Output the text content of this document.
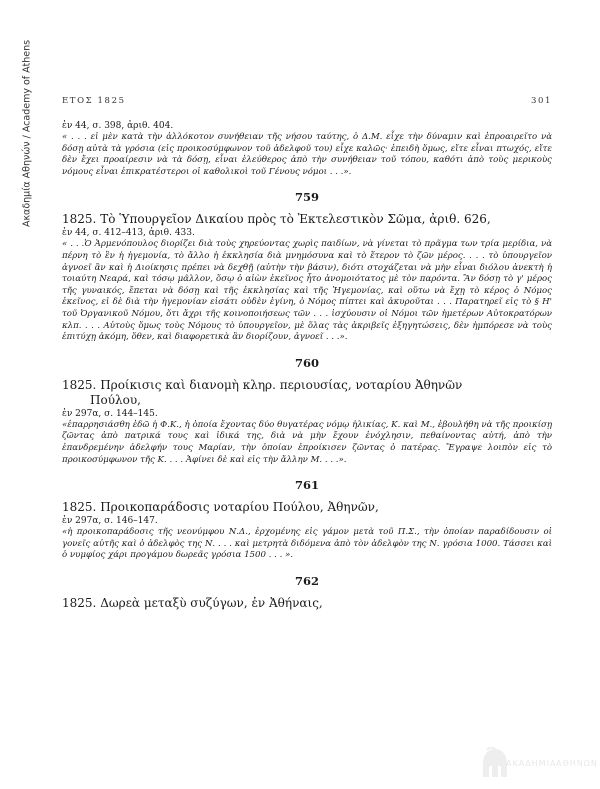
Ακαδημία Αθηνών / Academy of Athens	ΕΤΟΣ 1825	301
ἐν 44, σ. 398, ἀριθ. 404.
« . . . εἰ μὲν κατὰ τὴν ἀλλόκοτον συνήθειαν τῆς νήσου ταύτης, ὁ Δ.Μ. εἶχε τὴν δύναμιν καὶ ἐπροαιρεῖτο νὰ δόσῃ αὐτὰ τὰ γρόσια (εἰς προικοσύμφωνον τοῦ ἀδελφοῦ του) εἶχε καλῶς· ἐπειδὴ ὅμως, εἴτε εἶναι πτωχός, εἴτε δὲν ἔχει προαίρεσιν νὰ τὰ δόσῃ, εἶναι ἐλεύθερος ἀπὸ τὴν συνήθειαν τοῦ τόπου, καθότι ἀπὸ τοὺς μερικοὺς νόμους εἶναι ἐπικρατέστεροι οἱ καθολικοὶ τοῦ Γένους νόμοι . . .».
759
1825. Τὸ Ὑπουργεῖον Δικαίου πρὸς τὸ Ἐκτελεστικὸν Σῶμα, ἀριθ. 626,
ἐν 44, σ. 412–413, ἀριθ. 433.
« . . .Ὁ Ἀρμενόπουλος διορίζει διὰ τοὺς χηρεύοντας χωρὶς παιδίων, νὰ γίνεται τὸ πρᾶγμα των τρία μερίδια, νὰ πέρνη τὸ ἓν ἡ ἡγεμονία, τὸ ἄλλο ἡ ἐκκλησία διὰ μνημόσυνα καὶ τὸ ἕτερον τὸ ζῶν μέρος. . . . τὸ ὑπουργεῖον ἀγνοεῖ ἂν καὶ ἡ Διοίκησις πρέπει νὰ δεχθῇ (αὐτὴν τὴν βάσιν), διότι στοχάζεται νὰ μὴν εἶναι διόλου ἀνεκτὴ ἡ τοιαύτη Νεαρά, καὶ τόσῳ μᾶλλον, ὅσῳ ὁ αἰὼν ἐκεῖνος ἦτο ἀνομοιότατος μὲ τὸν παρόντα. Ἂν δόσῃ τὸ γ' μέρος τῆς γυναικός, ἔπεται νὰ δόσῃ καὶ τῆς ἐκκλησίας καὶ τῆς Ἡγεμονίας, καὶ οὕτω νὰ ἔχῃ τὸ κέρος ὁ Νόμος ἐκεῖνος, εἰ δὲ διὰ τὴν ἡγεμονίαν εἰσάτι οὐδὲν ἐγίνη, ὁ Νόμος πίπτει καὶ ἀκυροῦται . . . Παρατηρεῖ εἰς τὸ § Η' τοῦ Ὀργανικοῦ Νόμου, ὅτι ἄχρι τῆς κοινοποιήσεως τῶν . . . ἰσχύουσιν οἱ Νόμοι τῶν ἡμετέρων Αὐτοκρατόρων κλπ. . . . Αὐτοὺς ὅμως τοὺς Νόμους τὸ ὑπουργεῖον, μὲ ὅλας τὰς ἀκριβεῖς ἐξηγητώσεις, δὲν ἠμπόρεσε νὰ τοὺς ἐπιτύχῃ ἀκόμη, ὅθεν, καὶ διαφορετικὰ ἂν διορίζουν, ἀγνοεῖ . . .».
760
1825. Προίκισις καὶ διανομὴ κληρ. περιουσίας, νοταρίου Ἀθηνῶν
Πούλου,
ἐν 297α, σ. 144–145.
«ἐπαρρησιάσθη ἐδῶ ἡ Φ.Κ., ἡ ὁποία ἔχοντας δύο θυγατέρας νόμῳ ἡλικίας, Κ. καὶ Μ., ἐβουλήθη νὰ τῆς προικίσῃ ζῶντας ἀπὸ πατρικά τους καὶ ἰδικά της, διὰ νὰ μὴν ἔχουν ἐνόχλησιν, πεθαίνοντας αὐτή, ἀπὸ τὴν ἐπανδρεμένην ἀδελφήν τους Μαρίαν, τὴν ὁποίαν ἐπροίκισεν ζῶντας ὁ πατέρας. Ἔγραψε λοιπὸν εἰς τὸ προικοσύμφωνον τῆς Κ. . . . Ἀφίνει δὲ καὶ εἰς τὴν ἄλλην Μ. . . .».
761
1825. Προικοπαράδοσις νοταρίου Πούλου, Ἀθηνῶν,
ἐν 297α, σ. 146–147.
«ἡ προικοπαράδοσις τῆς νεονύμφου Ν.Δ., ἐρχομένης εἰς γάμον μετὰ τοῦ Π.Σ., τὴν ὁποίαν παραδίδουσιν οἱ γονεῖς αὐτῆς καὶ ὁ ἀδελφὸς της Ν. . . . καὶ μετρητὰ διδόμενα ἀπὸ τὸν ἀδελφὸν της Ν. γρόσια 1000. Τάσσει καὶ ὁ νυμφίος χάρι προγάμου δωρεᾶς γρόσια 1500 . . . ».
762
1825. Δωρεὰ μεταξὺ συζύγων, ἐν Ἀθήναις,
ΑΚΑΔΗΜΙΑ ΑΘΗΝΩΝ
